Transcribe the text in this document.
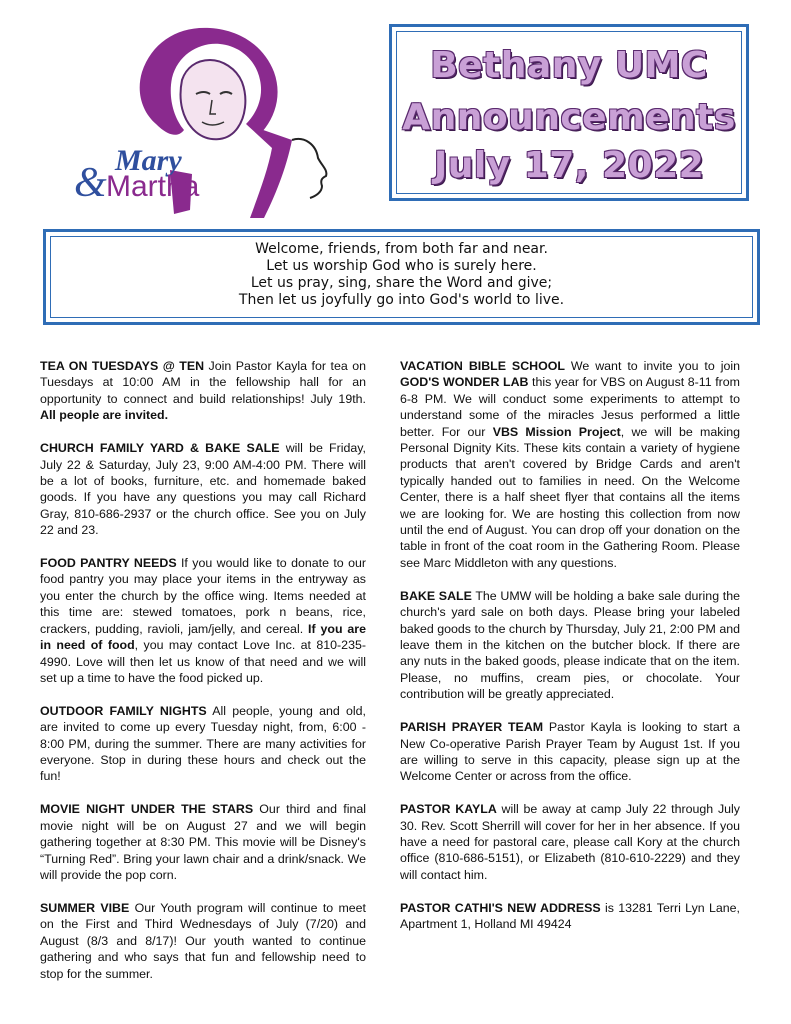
Mary
& Martha
Bethany UMC
Announcements
July 17, 2022
Welcome, friends, from both far and near.
Let us worship God who is surely here.
Let us pray, sing, share the Word and give;
Then let us joyfully go into God's world to live.

TEA ON TUESDAYS @ TEN Join Pastor Kayla for tea on Tuesdays at 10:00 AM in the fellowship hall for an opportunity to connect and build relationships! July 19th. All people are invited.

CHURCH FAMILY YARD & BAKE SALE will be Friday, July 22 & Saturday, July 23, 9:00 AM-4:00 PM. There will be a lot of books, furniture, etc. and homemade baked goods. If you have any questions you may call Richard Gray, 810-686-2937 or the church office. See you on July 22 and 23.

FOOD PANTRY NEEDS If you would like to donate to our food pantry you may place your items in the entryway as you enter the church by the office wing. Items needed at this time are: stewed tomatoes, pork n beans, rice, crackers, pudding, ravioli, jam/jelly, and cereal. If you are in need of food, you may contact Love Inc. at 810-235-4990. Love will then let us know of that need and we will set up a time to have the food picked up.

OUTDOOR FAMILY NIGHTS All people, young and old, are invited to come up every Tuesday night, from, 6:00 - 8:00 PM, during the summer. There are many activities for everyone. Stop in during these hours and check out the fun!

MOVIE NIGHT UNDER THE STARS Our third and final movie night will be on August 27 and we will begin gathering together at 8:30 PM. This movie will be Disney's “Turning Red”. Bring your lawn chair and a drink/snack. We will provide the pop corn.

SUMMER VIBE Our Youth program will continue to meet on the First and Third Wednesdays of July (7/20) and August (8/3 and 8/17)! Our youth wanted to continue gathering and who says that fun and fellowship need to stop for the summer.

VACATION BIBLE SCHOOL We want to invite you to join GOD'S WONDER LAB this year for VBS on August 8-11 from 6-8 PM. We will conduct some experiments to attempt to understand some of the miracles Jesus performed a little better. For our VBS Mission Project, we will be making Personal Dignity Kits. These kits contain a variety of hygiene products that aren't covered by Bridge Cards and aren't typically handed out to families in need. On the Welcome Center, there is a half sheet flyer that contains all the items we are looking for. We are hosting this collection from now until the end of August. You can drop off your donation on the table in front of the coat room in the Gathering Room. Please see Marc Middleton with any questions.

BAKE SALE The UMW will be holding a bake sale during the church's yard sale on both days. Please bring your labeled baked goods to the church by Thursday, July 21, 2:00 PM and leave them in the kitchen on the butcher block. If there are any nuts in the baked goods, please indicate that on the item. Please, no muffins, cream pies, or chocolate. Your contribution will be greatly appreciated.

PARISH PRAYER TEAM Pastor Kayla is looking to start a New Co-operative Parish Prayer Team by August 1st. If you are willing to serve in this capacity, please sign up at the Welcome Center or across from the office.

PASTOR KAYLA will be away at camp July 22 through July 30. Rev. Scott Sherrill will cover for her in her absence. If you have a need for pastoral care, please call Kory at the church office (810-686-5151), or Elizabeth (810-610-2229) and they will contact him.

PASTOR CATHI'S NEW ADDRESS is 13281 Terri Lyn Lane, Apartment 1, Holland MI 49424
